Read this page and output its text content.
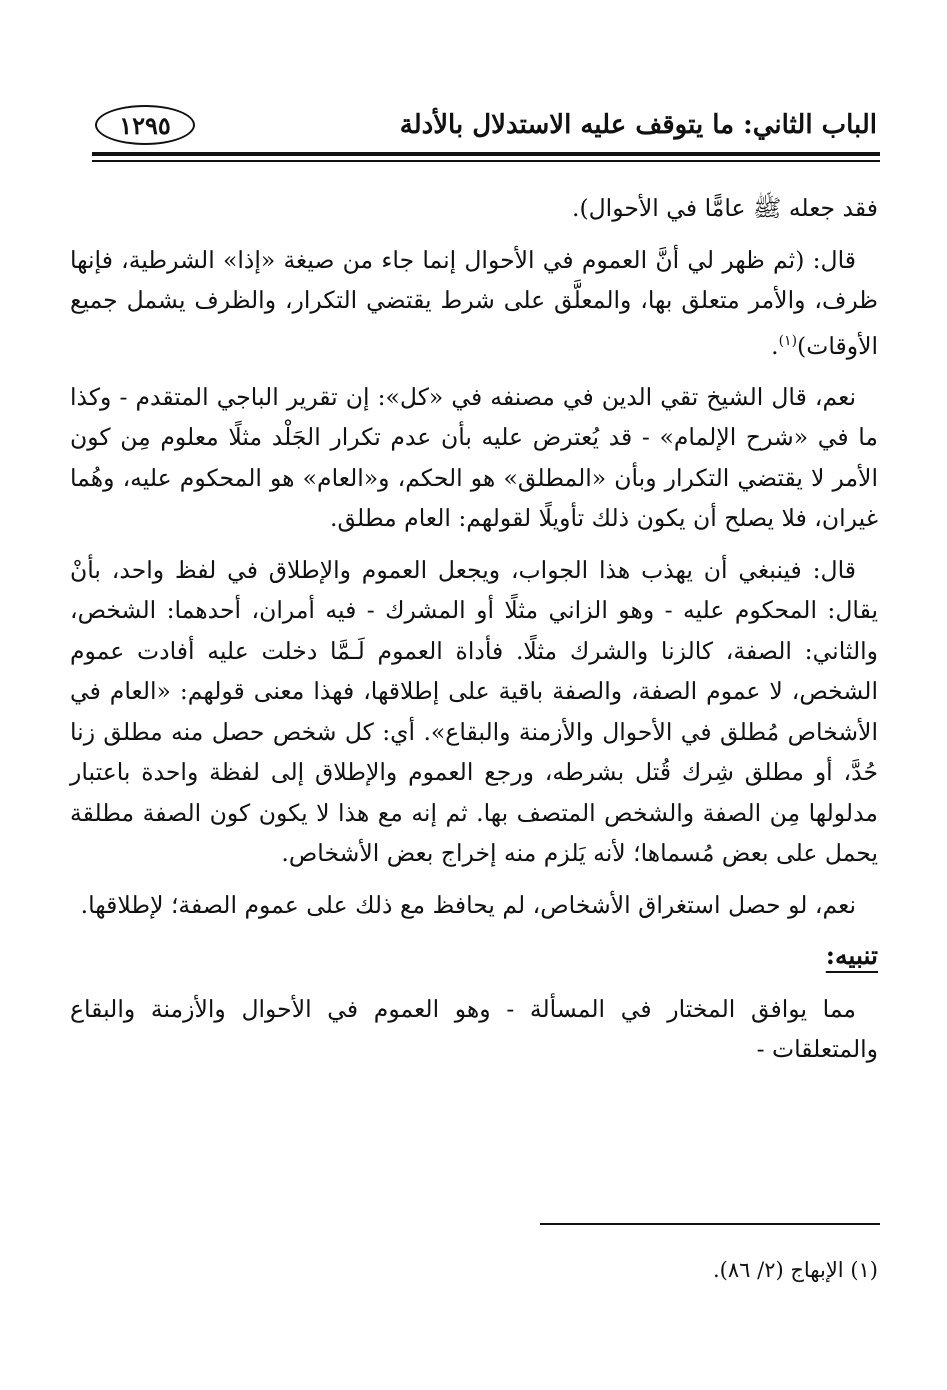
الباب الثاني: ما يتوقف عليه الاستدلال بالأدلة
١٢٩٥

فقد جعله ﷺ عامًّا في الأحوال).

قال: (ثم ظهر لي أنَّ العموم في الأحوال إنما جاء من صيغة «إذا» الشرطية، فإنها ظرف، والأمر متعلق بها، والمعلَّق على شرط يقتضي التكرار، والظرف يشمل جميع الأوقات)$^{(١)}$.

نعم، قال الشيخ تقي الدين في مصنفه في «كل»: إن تقرير الباجي المتقدم - وكذا ما في «شرح الإلمام» - قد يُعترض عليه بأن عدم تكرار الجَلْد مثلًا معلوم مِن كون الأمر لا يقتضي التكرار وبأن «المطلق» هو الحكم، و«العام» هو المحكوم عليه، وهُما غيران، فلا يصلح أن يكون ذلك تأويلًا لقولهم: العام مطلق.

قال: فينبغي أن يهذب هذا الجواب، ويجعل العموم والإطلاق في لفظ واحد، بأنْ يقال: المحكوم عليه - وهو الزاني مثلًا أو المشرك - فيه أمران، أحدهما: الشخص، والثاني: الصفة، كالزنا والشرك مثلًا. فأداة العموم لَـمَّا دخلت عليه أفادت عموم الشخص، لا عموم الصفة، والصفة باقية على إطلاقها، فهذا معنى قولهم: «العام في الأشخاص مُطلق في الأحوال والأزمنة والبقاع». أي: كل شخص حصل منه مطلق زنا حُدَّ، أو مطلق شِرك قُتل بشرطه، ورجع العموم والإطلاق إلى لفظة واحدة باعتبار مدلولها مِن الصفة والشخص المتصف بها. ثم إنه مع هذا لا يكون كون الصفة مطلقة يحمل على بعض مُسماها؛ لأنه يَلزم منه إخراج بعض الأشخاص.

نعم، لو حصل استغراق الأشخاص، لم يحافظ مع ذلك على عموم الصفة؛ لإطلاقها.

تنبيه:

مما يوافق المختار في المسألة - وهو العموم في الأحوال والأزمنة والبقاع والمتعلقات -

(١) الإبهاج (٢/ ٨٦).
